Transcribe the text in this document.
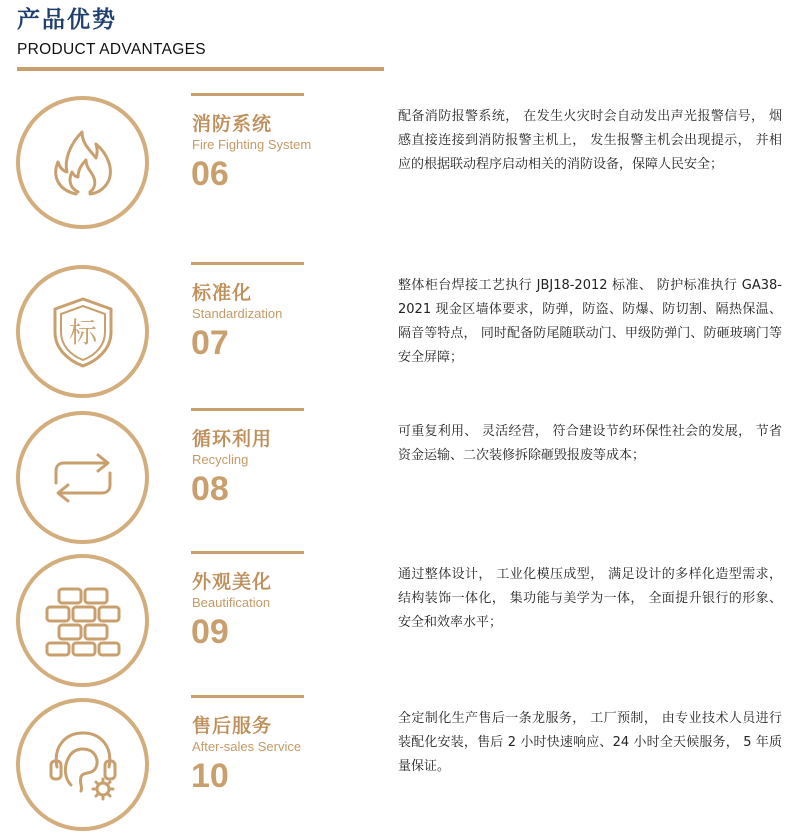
产品优势
PRODUCT ADVANTAGES
消防系统
Fire Fighting System
06
配备消防报警系统， 在发生火灾时会自动发出声光报警信号， 烟感直接连接到消防报警主机上， 发生报警主机会出现提示， 并相应的根据联动程序启动相关的消防设备，保障人民安全；
标
标准化
Standardization
07
整体柜台焊接工艺执行 JBJ18-2012 标准、 防护标准执行 GA38-2021 现金区墙体要求，防弹，防盗、防爆、防切割、隔热保温、隔音等特点， 同时配备防尾随联动门、甲级防弹门、防砸玻璃门等安全屏障；
循环利用
Recycling
08
可重复利用、 灵活经营， 符合建设节约环保性社会的发展， 节省资金运输、二次装修拆除砸毁报废等成本；
外观美化
Beautification
09
通过整体设计， 工业化模压成型， 满足设计的多样化造型需求，结构装饰一体化， 集功能与美学为一体， 全面提升银行的形象、安全和效率水平；
售后服务
After-sales Service
10
全定制化生产售后一条龙服务， 工厂预制， 由专业技术人员进行装配化安装，售后 2 小时快速响应、24 小时全天候服务， 5 年质量保证。
